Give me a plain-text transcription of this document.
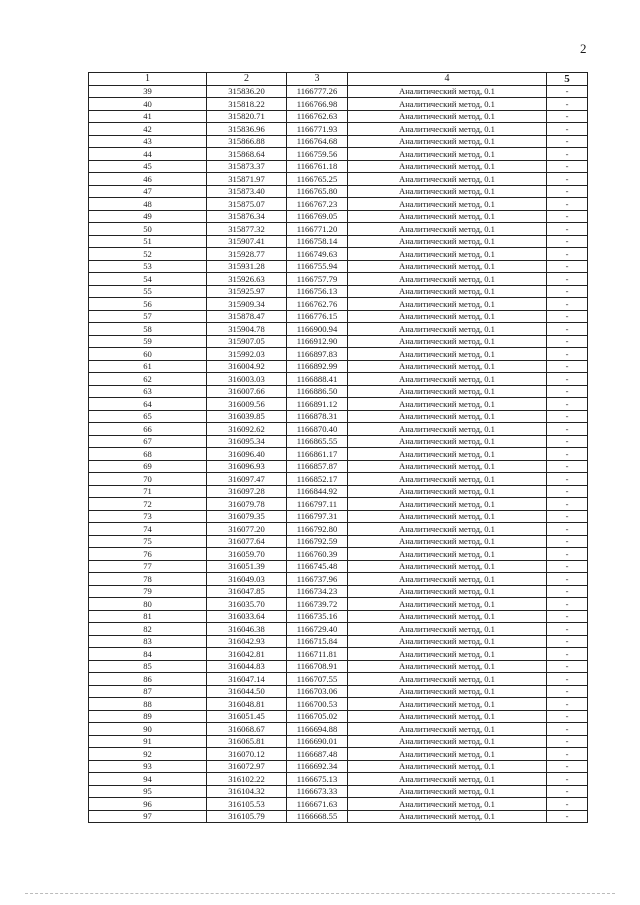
2
1	2	3	4	5
39	315836.20	1166777.26	Аналитический метод, 0.1	-
40	315818.22	1166766.98	Аналитический метод, 0.1	-
41	315820.71	1166762.63	Аналитический метод, 0.1	-
42	315836.96	1166771.93	Аналитический метод, 0.1	-
43	315866.88	1166764.68	Аналитический метод, 0.1	-
44	315868.64	1166759.56	Аналитический метод, 0.1	-
45	315873.37	1166761.18	Аналитический метод, 0.1	-
46	315871.97	1166765.25	Аналитический метод, 0.1	-
47	315873.40	1166765.80	Аналитический метод, 0.1	-
48	315875.07	1166767.23	Аналитический метод, 0.1	-
49	315876.34	1166769.05	Аналитический метод, 0.1	-
50	315877.32	1166771.20	Аналитический метод, 0.1	-
51	315907.41	1166758.14	Аналитический метод, 0.1	-
52	315928.77	1166749.63	Аналитический метод, 0.1	-
53	315931.28	1166755.94	Аналитический метод, 0.1	-
54	315926.63	1166757.79	Аналитический метод, 0.1	-
55	315925.97	1166756.13	Аналитический метод, 0.1	-
56	315909.34	1166762.76	Аналитический метод, 0.1	-
57	315878.47	1166776.15	Аналитический метод, 0.1	-
58	315904.78	1166900.94	Аналитический метод, 0.1	-
59	315907.05	1166912.90	Аналитический метод, 0.1	-
60	315992.03	1166897.83	Аналитический метод, 0.1	-
61	316004.92	1166892.99	Аналитический метод, 0.1	-
62	316003.03	1166888.41	Аналитический метод, 0.1	-
63	316007.66	1166886.50	Аналитический метод, 0.1	-
64	316009.56	1166891.12	Аналитический метод, 0.1	-
65	316039.85	1166878.31	Аналитический метод, 0.1	-
66	316092.62	1166870.40	Аналитический метод, 0.1	-
67	316095.34	1166865.55	Аналитический метод, 0.1	-
68	316096.40	1166861.17	Аналитический метод, 0.1	-
69	316096.93	1166857.87	Аналитический метод, 0.1	-
70	316097.47	1166852.17	Аналитический метод, 0.1	-
71	316097.28	1166844.92	Аналитический метод, 0.1	-
72	316079.78	1166797.11	Аналитический метод, 0.1	-
73	316079.35	1166797.31	Аналитический метод, 0.1	-
74	316077.20	1166792.80	Аналитический метод, 0.1	-
75	316077.64	1166792.59	Аналитический метод, 0.1	-
76	316059.70	1166760.39	Аналитический метод, 0.1	-
77	316051.39	1166745.48	Аналитический метод, 0.1	-
78	316049.03	1166737.96	Аналитический метод, 0.1	-
79	316047.85	1166734.23	Аналитический метод, 0.1	-
80	316035.70	1166739.72	Аналитический метод, 0.1	-
81	316033.64	1166735.16	Аналитический метод, 0.1	-
82	316046.38	1166729.40	Аналитический метод, 0.1	-
83	316042.93	1166715.84	Аналитический метод, 0.1	-
84	316042.81	1166711.81	Аналитический метод, 0.1	-
85	316044.83	1166708.91	Аналитический метод, 0.1	-
86	316047.14	1166707.55	Аналитический метод, 0.1	-
87	316044.50	1166703.06	Аналитический метод, 0.1	-
88	316048.81	1166700.53	Аналитический метод, 0.1	-
89	316051.45	1166705.02	Аналитический метод, 0.1	-
90	316068.67	1166694.88	Аналитический метод, 0.1	-
91	316065.81	1166690.01	Аналитический метод, 0.1	-
92	316070.12	1166687.48	Аналитический метод, 0.1	-
93	316072.97	1166692.34	Аналитический метод, 0.1	-
94	316102.22	1166675.13	Аналитический метод, 0.1	-
95	316104.32	1166673.33	Аналитический метод, 0.1	-
96	316105.53	1166671.63	Аналитический метод, 0.1	-
97	316105.79	1166668.55	Аналитический метод, 0.1	-
